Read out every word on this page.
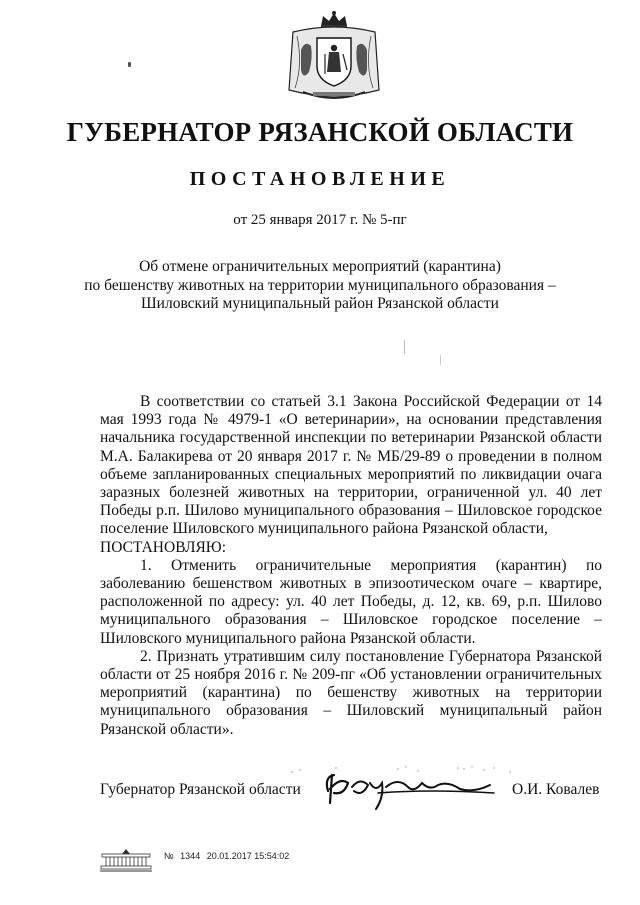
ГУБЕРНАТОР РЯЗАНСКОЙ ОБЛАСТИ
ПОСТАНОВЛЕНИЕ
от 25 января 2017 г. № 5-пг
Об отмене ограничительных мероприятий (карантина)
по бешенству животных на территории муниципального образования –
Шиловский муниципальный район Рязанской области

В соответствии со статьей 3.1 Закона Российской Федерации от 14 мая 1993 года № 4979-1 «О ветеринарии», на основании представления начальника государственной инспекции по ветеринарии Рязанской области М.А. Балакирева от 20 января 2017 г. № МБ/29-89 о проведении в полном объеме запланированных специальных мероприятий по ликвидации очага заразных болезней животных на территории, ограниченной ул. 40 лет Победы р.п. Шилово муниципального образования – Шиловское городское поселение Шиловского муниципального района Рязанской области,
ПОСТАНОВЛЯЮ:

1. Отменить ограничительные мероприятия (карантин) по заболеванию бешенством животных в эпизоотическом очаге – квартире, расположенной по адресу: ул. 40 лет Победы, д. 12, кв. 69, р.п. Шилово муниципального образования – Шиловское городское поселение – Шиловского муниципального района Рязанской области.

2. Признать утратившим силу постановление Губернатора Рязанской области от 25 ноября 2016 г. № 209-пг «Об установлении ограничительных мероприятий (карантина) по бешенству животных на территории муниципального образования – Шиловский муниципальный район Рязанской области».

Губернатор Рязанской области	О.И. Ковалев
№ 1344 20.01.2017 15:54:02
